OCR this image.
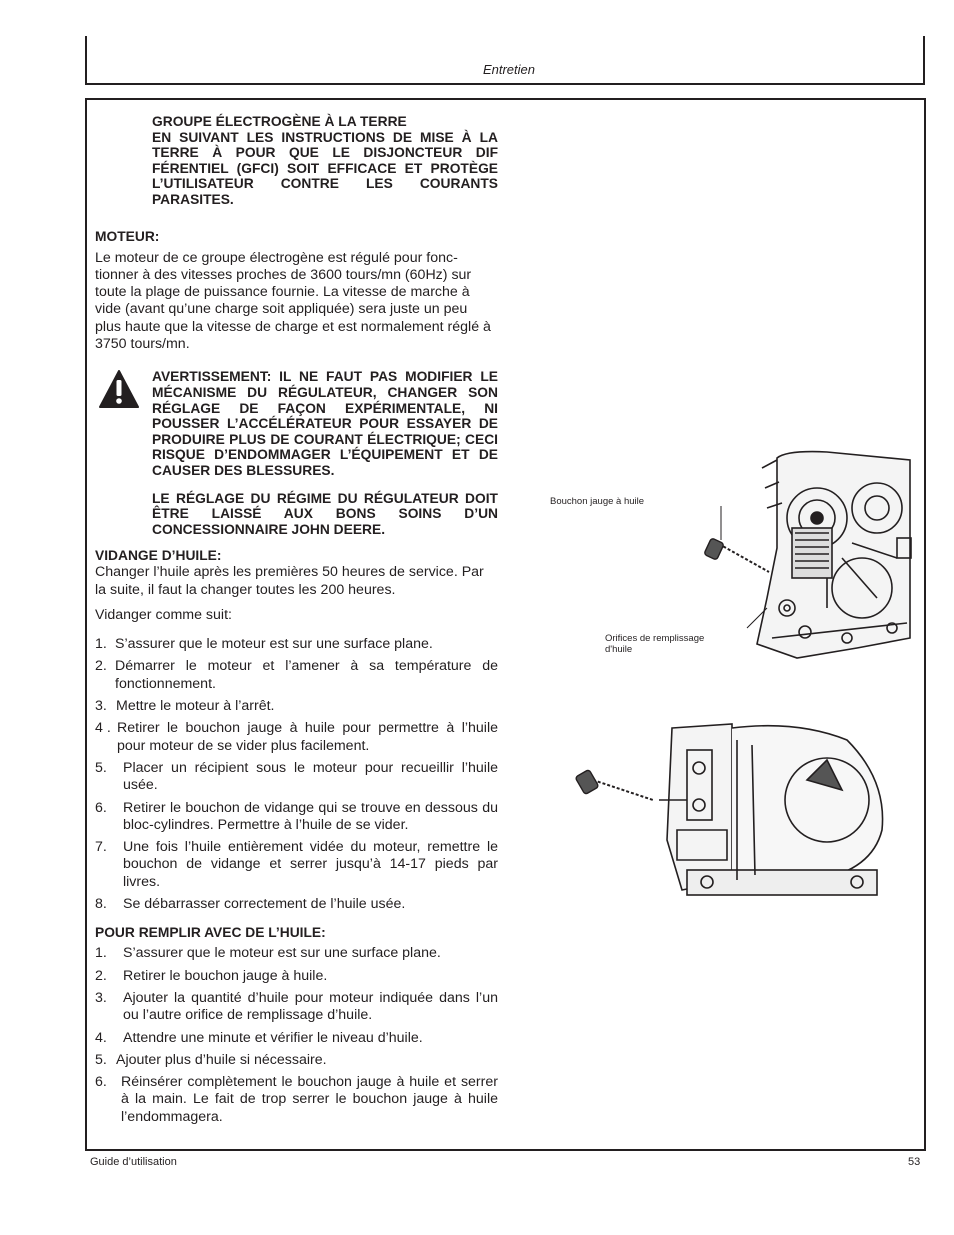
Entretien
GROUPE ÉLECTROGÈNE À LA TERRE
EN SUIVANT LES INSTRUCTIONS DE MISE À LA TERRE À POUR QUE LE DISJONCTEUR DIF FÉRENTIEL (GFCI) SOIT EFFICACE ET PROTÈGE L’UTILISATEUR CONTRE LES COURANTS PARASITES.
MOTEUR:

Le moteur de ce groupe électrogène est régulé pour fonc-tionner à des vitesses proches de 3600 tours/mn (60Hz) sur toute la plage de puissance fournie. La vitesse de marche à vide (avant qu’une charge soit appliquée) sera juste un peu plus haute que la vitesse de charge et est normalement réglé à 3750 tours/mn.

AVERTISSEMENT: IL NE FAUT PAS MODIFIER LE MÉCANISME DU RÉGULATEUR, CHANGER SON RÉGLAGE DE FAÇON EXPÉRIMENTALE, NI POUSSER L’ACCÉLÉRATEUR POUR ESSAYER DE PRODUIRE PLUS DE COURANT ÉLECTRIQUE; CECI RISQUE D’ENDOMMAGER L’ÉQUIPEMENT ET DE CAUSER DES BLESSURES.
LE RÉGLAGE DU RÉGIME DU RÉGULATEUR DOIT ÊTRE LAISSÉ AUX BONS SOINS D’UN CONCESSIONNAIRE JOHN DEERE.
VIDANGE D’HUILE:

Changer l’huile après les premières 50 heures de service. Par la suite, il faut la changer toutes les 200 heures.

Vidanger comme suit:

1. S’assurer que le moteur est sur une surface plane.
2. Démarrer le moteur et l’amener à sa température de fonctionnement.
3. Mettre le moteur à l’arrêt.
4 . Retirer le bouchon jauge à huile pour permettre à l’huile pour moteur de se vider plus facilement.
5.	Placer un récipient sous le moteur pour recueillir l’huile usée.
6.	Retirer le bouchon de vidange qui se trouve en dessous du bloc-cylindres. Permettre à l’huile de se vider.
7.	Une fois l’huile entièrement vidée du moteur, remettre le bouchon de vidange et serrer jusqu’à 14-17 pieds par livres.
8.	Se débarrasser correctement de l’huile usée.
POUR REMPLIR AVEC DE L’HUILE:
1.	S’assurer que le moteur est sur une surface plane.
2.	Retirer le bouchon jauge à huile.
3.	Ajouter la quantité d’huile pour moteur indiquée dans l’un ou l’autre orifice de remplissage d’huile.
4.	Attendre une minute et vérifier le niveau d’huile.
5. Ajouter plus d’huile si nécessaire.
6. Réinsérer complètement le bouchon jauge à huile et serrer à la main. Le fait de trop serrer le bouchon jauge à huile l’endommagera.
Bouchon jauge à huile
Orifices de remplissage
d'huile
Guide d’utilisation	53
